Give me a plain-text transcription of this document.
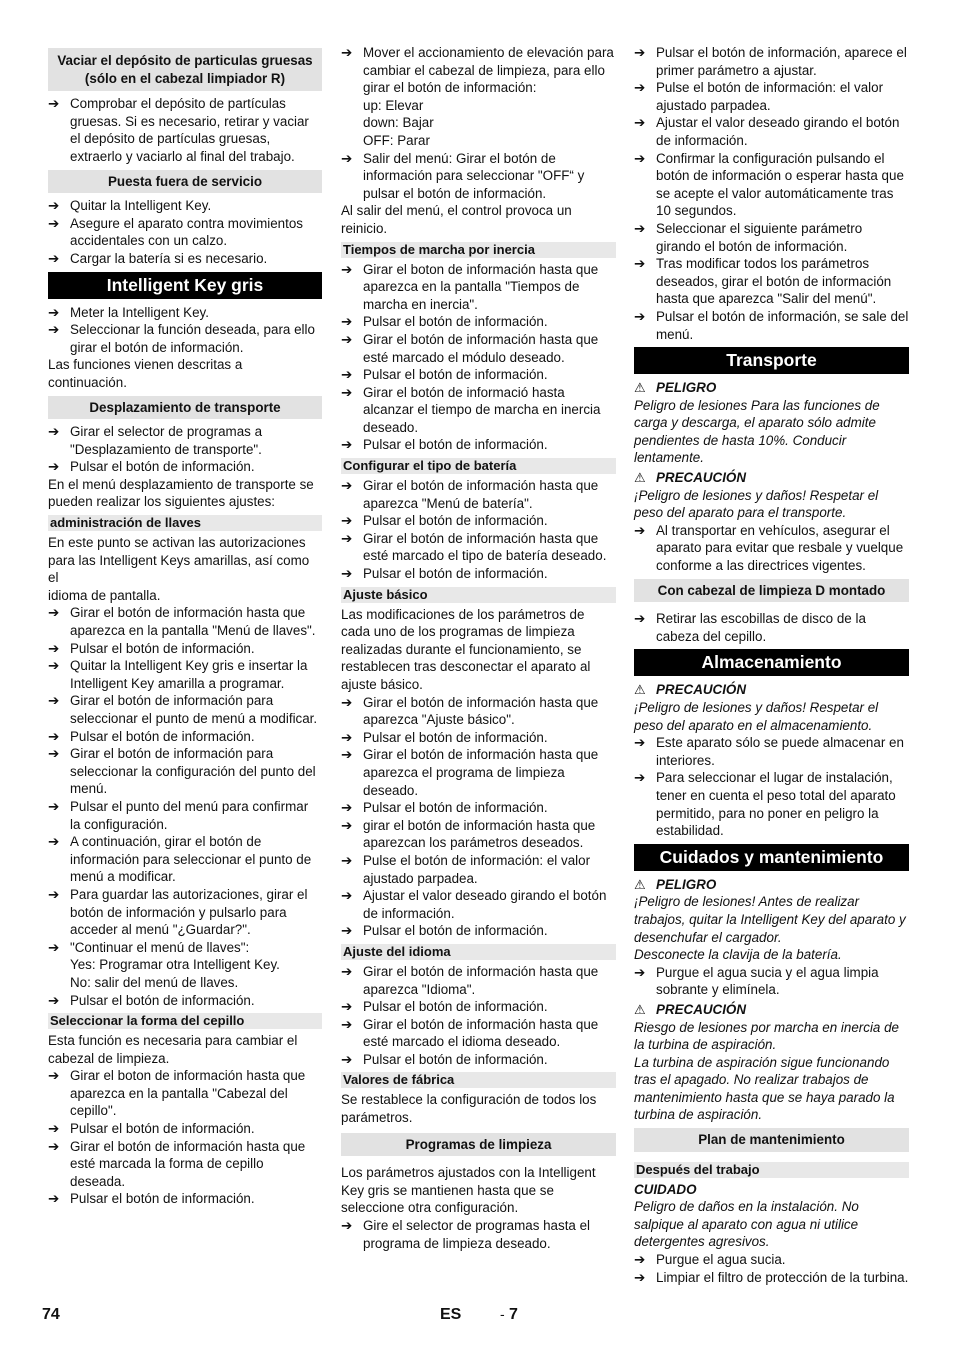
Vaciar el depósito de particulas gruesas (sólo en el cabezal limpiador R)
➔ Comprobar el depósito de partículas gruesas. Si es necesario, retirar y vaciar el depósito de partículas gruesas, extraerlo y vaciarlo al final del trabajo.
Puesta fuera de servicio
➔ Quitar la Intelligent Key.
➔ Asegure el aparato contra movimientos accidentales con un calzo.
➔ Cargar la batería si es necesario.
Intelligent Key gris
➔ Meter la Intelligent Key.
➔ Seleccionar la función deseada, para ello girar el botón de información.
Las funciones vienen descritas a continuación.
Desplazamiento de transporte
➔ Girar el selector de programas a "Desplazamiento de transporte".
➔ Pulsar el botón de información.
En el menú desplazamiento de transporte se pueden realizar los siguientes ajustes:
administración de llaves
En este punto se activan las autorizaciones para las Intelligent Keys amarillas, así como el
idioma de pantalla.
➔ Girar el botón de información hasta que aparezca en la pantalla "Menú de llaves".
➔ Pulsar el botón de información.
➔ Quitar la Intelligent Key gris e insertar la Intelligent Key amarilla a programar.
➔ Girar el botón de información para seleccionar el punto de menú a modificar.
➔ Pulsar el botón de información.
➔ Girar el botón de información para seleccionar la configuración del punto del menú.
➔ Pulsar el punto del menú para confirmar la configuración.
➔ A continuación, girar el botón de información para seleccionar el punto de menú a modificar.
➔ Para guardar las autorizaciones, girar el botón de información y pulsarlo para acceder al menú "¿Guardar?".
➔ "Continuar el menú de llaves":
Yes: Programar otra Intelligent Key.
No: salir del menú de llaves.
➔ Pulsar el botón de información.
Seleccionar la forma del cepillo
Esta función es necesaria para cambiar el cabezal de limpieza.
➔ Girar el boton de información hasta que aparezca en la pantalla "Cabezal del cepillo".
➔ Pulsar el botón de información.
➔ Girar el botón de información hasta que esté marcada la forma de cepillo deseada.
➔ Pulsar el botón de información.
➔ Mover el accionamiento de elevación para cambiar el cabezal de limpieza, para ello girar el botón de información:
up: Elevar
down: Bajar
OFF: Parar
➔ Salir del menú: Girar el botón de información para seleccionar "OFF“ y pulsar el botón de información.
Al salir del menú, el control provoca un reinicio.
Tiempos de marcha por inercia
➔ Girar el boton de información hasta que aparezca en la pantalla "Tiempos de marcha en inercia".
➔ Pulsar el botón de información.
➔ Girar el botón de información hasta que esté marcado el módulo deseado.
➔ Pulsar el botón de información.
➔ Girar el botón de informació hasta alcanzar el tiempo de marcha en inercia deseado.
➔ Pulsar el botón de información.
Configurar el tipo de batería
➔ Girar el botón de información hasta que aparezca "Menú de batería".
➔ Pulsar el botón de información.
➔ Girar el botón de información hasta que esté marcado el tipo de batería deseado.
➔ Pulsar el botón de información.
Ajuste básico
Las modificaciones de los parámetros de cada uno de los programas de limpieza realizadas durante el funcionamiento, se restablecen tras desconectar el aparato al ajuste básico.
➔ Girar el botón de información hasta que aparezca "Ajuste básico".
➔ Pulsar el botón de información.
➔ Girar el botón de información hasta que aparezca el programa de limpieza deseado.
➔ Pulsar el botón de información.
➔ girar el botón de información hasta que aparezcan los parámetros deseados.
➔ Pulse el botón de información: el valor ajustado parpadea.
➔ Ajustar el valor deseado girando el botón de información.
➔ Pulsar el botón de información.
Ajuste del idioma
➔ Girar el botón de información hasta que aparezca "Idioma".
➔ Pulsar el botón de información.
➔ Girar el botón de información hasta que esté marcado el idioma deseado.
➔ Pulsar el botón de información.
Valores de fábrica
Se restablece la configuración de todos los parámetros.
Programas de limpieza
Los parámetros ajustados con la Intelligent Key gris se mantienen hasta que se seleccione otra configuración.
➔ Gire el selector de programas hasta el programa de limpieza deseado.
➔ Pulsar el botón de información, aparece el primer parámetro a ajustar.
➔ Pulse el botón de información: el valor ajustado parpadea.
➔ Ajustar el valor deseado girando el botón de información.
➔ Confirmar la configuración pulsando el botón de información o esperar hasta que se acepte el valor automáticamente tras 10 segundos.
➔ Seleccionar el siguiente parámetro girando el botón de información.
➔ Tras modificar todos los parámetros deseados, girar el botón de información hasta que aparezca "Salir del menú".
➔ Pulsar el botón de información, se sale del menú.
Transporte
⚠ PELIGRO
Peligro de lesiones Para las funciones de carga y descarga, el aparato sólo admite pendientes de hasta 10%. Conducir lentamente.
⚠ PRECAUCIÓN
¡Peligro de lesiones y daños! Respetar el peso del aparato para el transporte.
➔ Al transportar en vehículos, asegurar el aparato para evitar que resbale y vuelque conforme a las directrices vigentes.
Con cabezal de limpieza D montado
➔ Retirar las escobillas de disco de la cabeza del cepillo.
Almacenamiento
⚠ PRECAUCIÓN
¡Peligro de lesiones y daños! Respetar el peso del aparato en el almacenamiento.
➔ Este aparato sólo se puede almacenar en interiores.
➔ Para seleccionar el lugar de instalación, tener en cuenta el peso total del aparato permitido, para no poner en peligro la estabilidad.
Cuidados y mantenimiento
⚠ PELIGRO
¡Peligro de lesiones! Antes de realizar trabajos, quitar la Intelligent Key del aparato y desenchufar el cargador.
Desconecte la clavija de la batería.
➔ Purgue el agua sucia y el agua limpia sobrante y elimínela.
⚠ PRECAUCIÓN
Riesgo de lesiones por marcha en inercia de la turbina de aspiración.
La turbina de aspiración sigue funcionando tras el apagado. No realizar trabajos de mantenimiento hasta que se haya parado la turbina de aspiración.
Plan de mantenimiento
Después del trabajo
CUIDADO
Peligro de daños en la instalación. No salpique al aparato con agua ni utilice detergentes agresivos.
➔ Purgue el agua sucia.
➔ Limpiar el filtro de protección de la turbina.
74	ES	- 7
